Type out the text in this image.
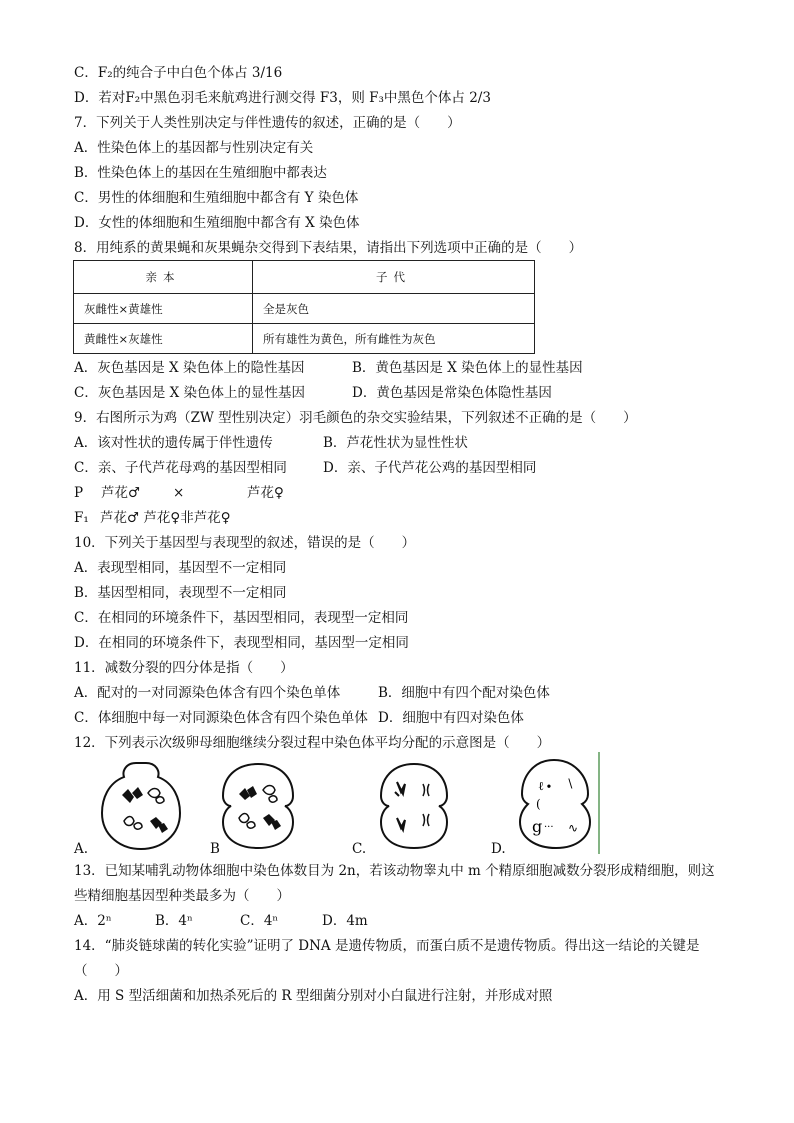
C．F₂的纯合子中白色个体占 3/16
D．若对F₂中黑色羽毛来航鸡进行测交得 F3，则 F₃中黑色个体占 2/3
7．下列关于人类性别决定与伴性遗传的叙述，正确的是（　　）
A．性染色体上的基因都与性别决定有关
B．性染色体上的基因在生殖细胞中都表达
C．男性的体细胞和生殖细胞中都含有 Y 染色体
D．女性的体细胞和生殖细胞中都含有 X 染色体
8．用纯系的黄果蝇和灰果蝇杂交得到下表结果，请指出下列选项中正确的是（　　）
亲本	子代
灰雌性×黄雄性	全是灰色
黄雌性×灰雄性	所有雄性为黄色，所有雌性为灰色
A．灰色基因是 X 染色体上的隐性基因	B．黄色基因是 X 染色体上的显性基因
C．灰色基因是 X 染色体上的显性基因	D．黄色基因是常染色体隐性基因
9．右图所示为鸡（ZW 型性别决定）羽毛颜色的杂交实验结果，下列叙述不正确的是（　　）
A．该对性状的遗传属于伴性遗传	B．芦花性状为显性性状
C．亲、子代芦花母鸡的基因型相同	D．亲、子代芦花公鸡的基因型相同
P 芦花♂ ×	芦花♀
F₁ 芦花♂ 芦花♀非芦花♀
10．下列关于基因型与表现型的叙述，错误的是（　　）
A．表现型相同，基因型不一定相同
B．基因型相同，表现型不一定相同
C．在相同的环境条件下，基因型相同，表现型一定相同
D．在相同的环境条件下，表现型相同，基因型一定相同
11．减数分裂的四分体是指（　　）
A．配对的一对同源染色体含有四个染色单体	B．细胞中有四个配对染色体
C．体细胞中每一对同源染色体含有四个染色单体 D．细胞中有四对染色体
12．下列表示次级卵母细胞继续分裂过程中染色体平均分配的示意图是（　　）
ℓ ∙ ∖
(
g ··· ∿
A.	B	C.	D.
13．已知某哺乳动物体细胞中染色体数目为 2n，若该动物睾丸中 m 个精原细胞减数分裂形成精细胞，则这
些精细胞基因型种类最多为（　　）
A．2ⁿ	B．4ⁿ	C．4ⁿ	D．4m
14．“肺炎链球菌的转化实验”证明了 DNA 是遗传物质，而蛋白质不是遗传物质。得出这一结论的关键是
（　　）
A．用 S 型活细菌和加热杀死后的 R 型细菌分别对小白鼠进行注射，并形成对照
